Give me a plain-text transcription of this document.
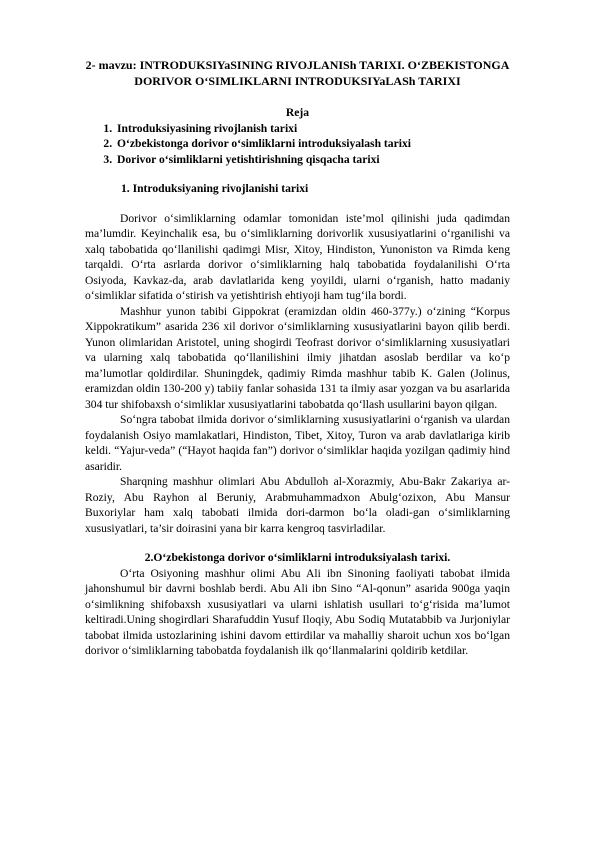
2- mavzu: INTRODUKSIYaSINING RIVOJLANISh TARIXI. O‘ZBEKISTONGA DORIVOR O‘SIMLIKLARNI INTRODUKSIYaLASh TARIXI

Reja

1. Introduksiyasining rivojlanish tarixi
2. O‘zbekistonga dorivor o‘simliklarni introduksiyalash tarixi
3. Dorivor o‘simliklarni yetishtirishning qisqacha tarixi

1. Introduksiyaning rivojlanishi tarixi

Dorivor o‘simliklarning odamlar tomonidan iste’mol qilinishi juda qadimdan ma’lumdir. Keyinchalik esa, bu o‘simliklarning dorivorlik xususiyatlarini o‘rganilishi va xalq tabobatida qo‘llanilishi qadimgi Misr, Xitoy, Hindiston, Yunoniston va Rimda keng tarqaldi. O‘rta asrlarda dorivor o‘simliklarning halq tabobatida foydalanilishi O‘rta Osiyoda, Kavkaz-da, arab davlatlarida keng yoyildi, ularni o‘rganish, hatto madaniy o‘simliklar sifatida o‘stirish va yetishtirish ehtiyoji ham tug‘ila bordi.

Mashhur yunon tabibi Gippokrat (eramizdan oldin 460-377y.) o‘zining “Korpus Xippokratikum” asarida 236 xil dorivor o‘simliklarning xususiyatlarini bayon qilib berdi. Yunon olimlaridan Aristotel, uning shogirdi Teofrast dorivor o‘simliklarning xususiyatlari va ularning xalq tabobatida qo‘llanilishini ilmiy jihatdan asoslab berdilar va ko‘p ma’lumotlar qoldirdilar. Shuningdek, qadimiy Rimda mashhur tabib K. Galen (Jolinus, eramizdan oldin 130-200 y) tabiiy fanlar sohasida 131 ta ilmiy asar yozgan va bu asarlarida 304 tur shifobaxsh o‘simliklar xususiyatlarini tabobatda qo‘llash usullarini bayon qilgan.

So‘ngra tabobat ilmida dorivor o‘simliklarning xususiyatlarini o‘rganish va ulardan foydalanish Osiyo mamlakatlari, Hindiston, Tibet, Xitoy, Turon va arab davlatlariga kirib keldi. “Yajur-veda” (“Hayot haqida fan”) dorivor o‘simliklar haqida yozilgan qadimiy hind asaridir.

Sharqning mashhur olimlari Abu Abdulloh al-Xorazmiy, Abu-Bakr Zakariya ar-Roziy, Abu Rayhon al Beruniy, Arabmuhammadxon Abulg‘ozixon, Abu Mansur Buxoriylar ham xalq tabobati ilmida dori-darmon bo‘la oladi-gan o‘simliklarning xususiyatlari, ta’sir doirasini yana bir karra kengroq tasvirladilar.

2.O‘zbekistonga dorivor o‘simliklarni introduksiyalash tarixi.

O‘rta Osiyoning mashhur olimi Abu Ali ibn Sinoning faoliyati tabobat ilmida jahonshumul bir davrni boshlab berdi. Abu Ali ibn Sino “Al-qonun” asarida 900ga yaqin o‘simlikning shifobaxsh xususiyatlari va ularni ishlatish usullari to‘g‘risida ma’lumot keltiradi.Uning shogirdlari Sharafuddin Yusuf Iloqiy, Abu Sodiq Mutatabbib va Jurjoniylar tabobat ilmida ustozlarining ishini davom ettirdilar va mahalliy sharoit uchun xos bo‘lgan dorivor o‘simliklarning tabobatda foydalanish ilk qo‘llanmalarini qoldirib ketdilar.
